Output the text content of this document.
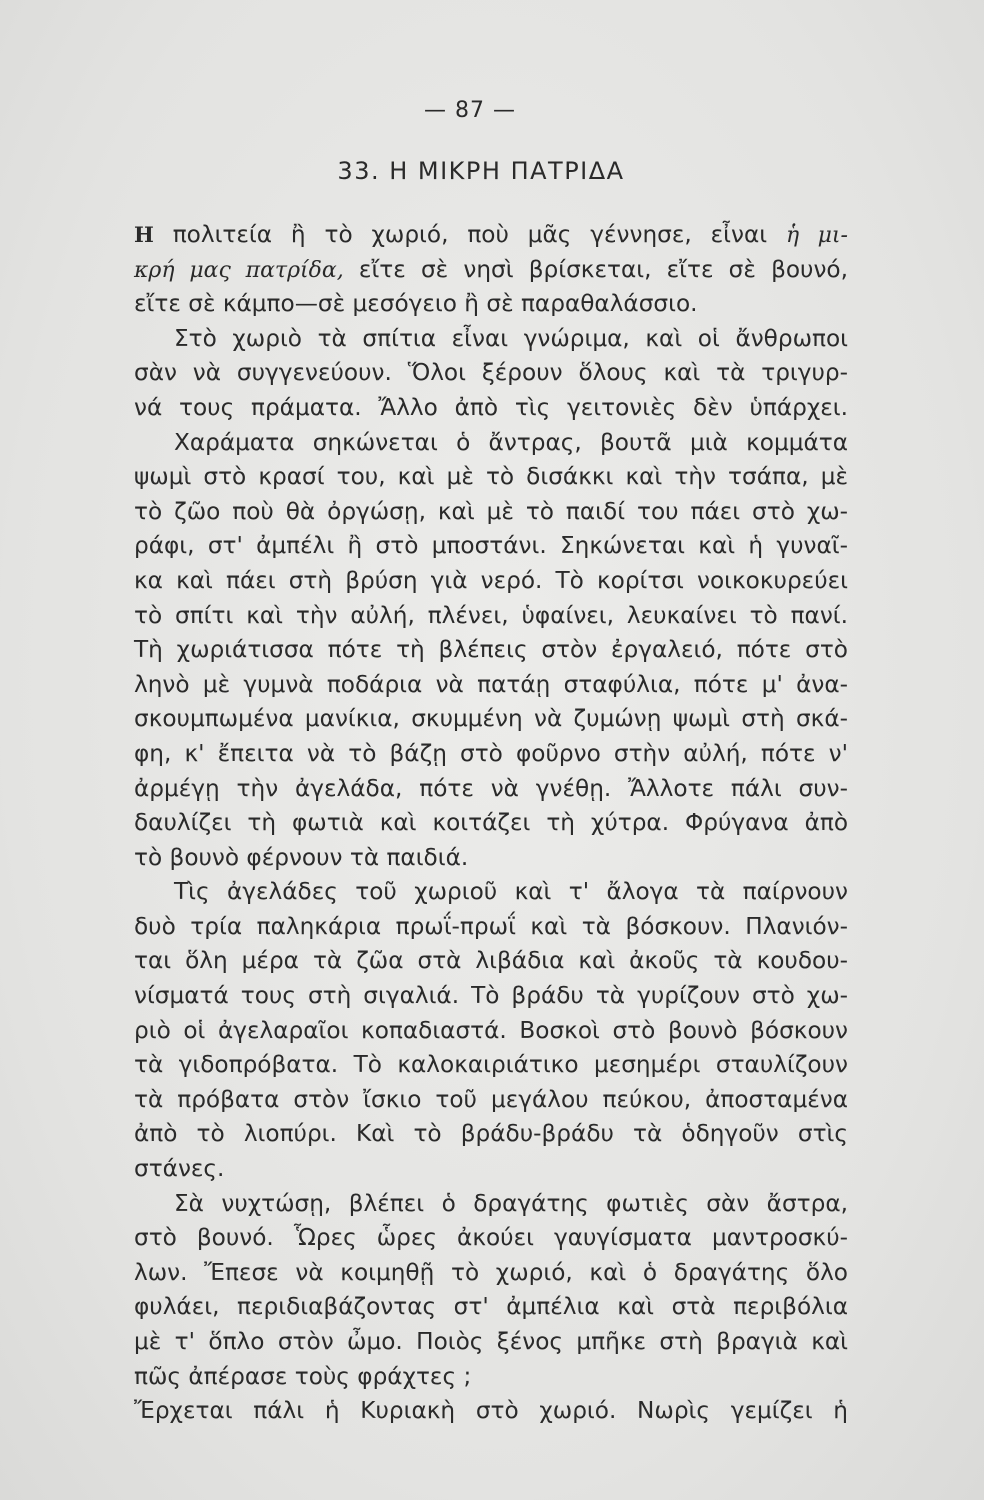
— 87 —
33. Η ΜΙΚΡΗ ΠΑΤΡΙΔΑ
Η πολιτεία ἢ τὸ χωριό, ποὺ μᾶς γέννησε, εἶναι ἡ μι-
κρή μας πατρίδα, εἴτε σὲ νησὶ βρίσκεται, εἴτε σὲ βουνό,
εἴτε σὲ κάμπο—σὲ μεσόγειο ἢ σὲ παραθαλάσσιο.
Στὸ χωριὸ τὰ σπίτια εἶναι γνώριμα, καὶ οἱ ἄνθρωποι
σὰν νὰ συγγενεύουν. Ὅλοι ξέρουν ὅλους καὶ τὰ τριγυρ-
νά τους πράματα. Ἄλλο ἀπὸ τὶς γειτονιὲς δὲν ὑπάρχει.
Χαράματα σηκώνεται ὁ ἄντρας, βουτᾶ μιὰ κομμάτα
ψωμὶ στὸ κρασί του, καὶ μὲ τὸ δισάκκι καὶ τὴν τσάπα, μὲ
τὸ ζῶο ποὺ θὰ ὀργώσῃ, καὶ μὲ τὸ παιδί του πάει στὸ χω-
ράφι, στ' ἀμπέλι ἢ στὸ μποστάνι. Σηκώνεται καὶ ἡ γυναῖ-
κα καὶ πάει στὴ βρύση γιὰ νερό. Τὸ κορίτσι νοικοκυρεύει
τὸ σπίτι καὶ τὴν αὐλή, πλένει, ὑφαίνει, λευκαίνει τὸ πανί.
Τὴ χωριάτισσα πότε τὴ βλέπεις στὸν ἐργαλειό, πότε στὸ
ληνὸ μὲ γυμνὰ ποδάρια νὰ πατάῃ σταφύλια, πότε μ' ἀνα-
σκουμπωμένα μανίκια, σκυμμένη νὰ ζυμώνῃ ψωμὶ στὴ σκά-
φη, κ' ἔπειτα νὰ τὸ βάζῃ στὸ φοῦρνο στὴν αὐλή, πότε ν'
ἀρμέγῃ τὴν ἀγελάδα, πότε νὰ γνέθῃ. Ἄλλοτε πάλι συν-
δαυλίζει τὴ φωτιὰ καὶ κοιτάζει τὴ χύτρα. Φρύγανα ἀπὸ
τὸ βουνὸ φέρνουν τὰ παιδιά.
Τὶς ἀγελάδες τοῦ χωριοῦ καὶ τ' ἄλογα τὰ παίρνουν
δυὸ τρία παληκάρια πρωΐ-πρωΐ καὶ τὰ βόσκουν. Πλανιόν-
ται ὅλη μέρα τὰ ζῶα στὰ λιβάδια καὶ ἀκοῦς τὰ κουδου-
νίσματά τους στὴ σιγαλιά. Τὸ βράδυ τὰ γυρίζουν στὸ χω-
ριὸ οἱ ἀγελαραῖοι κοπαδιαστά. Βοσκοὶ στὸ βουνὸ βόσκουν
τὰ γιδοπρόβατα. Τὸ καλοκαιριάτικο μεσημέρι σταυλίζουν
τὰ πρόβατα στὸν ἴσκιο τοῦ μεγάλου πεύκου, ἀποσταμένα
ἀπὸ τὸ λιοπύρι. Καὶ τὸ βράδυ-βράδυ τὰ ὁδηγοῦν στὶς
στάνες.
Σὰ νυχτώσῃ, βλέπει ὁ δραγάτης φωτιὲς σὰν ἄστρα,
στὸ βουνό. Ὧρες ὧρες ἀκούει γαυγίσματα μαντροσκύ-
λων. Ἔπεσε νὰ κοιμηθῇ τὸ χωριό, καὶ ὁ δραγάτης ὅλο
φυλάει, περιδιαβάζοντας στ' ἀμπέλια καὶ στὰ περιβόλια
μὲ τ' ὅπλο στὸν ὦμο. Ποιὸς ξένος μπῆκε στὴ βραγιὰ καὶ
πῶς ἀπέρασε τοὺς φράχτες ;
Ἔρχεται πάλι ἡ Κυριακὴ στὸ χωριό. Νωρὶς γεμίζει ἡ
